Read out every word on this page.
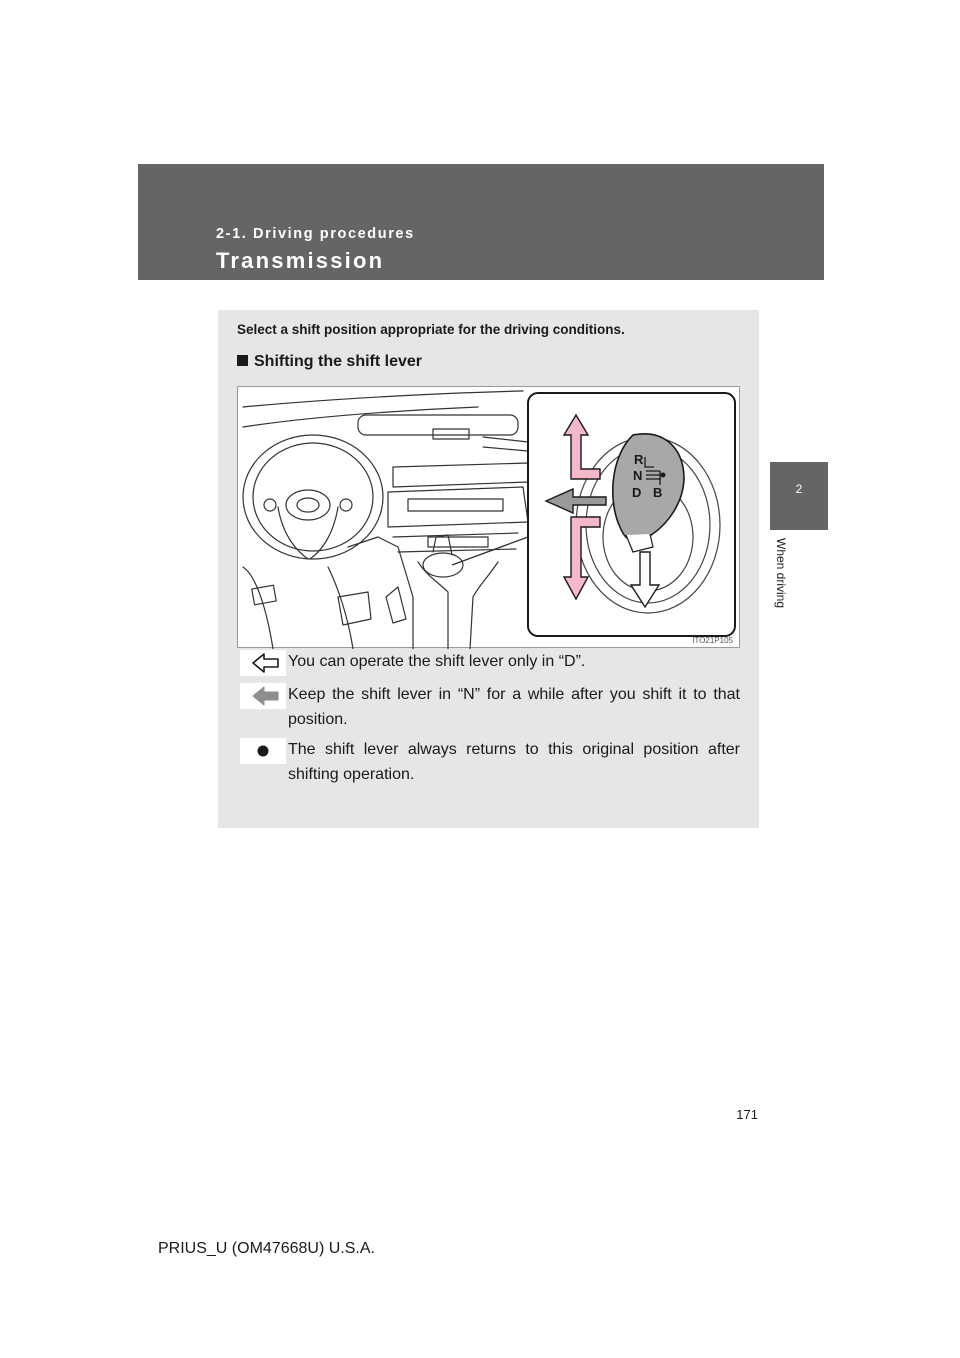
2-1. Driving procedures
Transmission
2
When driving
Select a shift position appropriate for the driving conditions.
Shifting the shift lever
R
N
D B
ITO21P105
You can operate the shift lever only in “D”.
Keep the shift lever in “N” for a while after you shift it to that position.
The shift lever always returns to this original position after shifting operation.
171
PRIUS_U (OM47668U) U.S.A.
